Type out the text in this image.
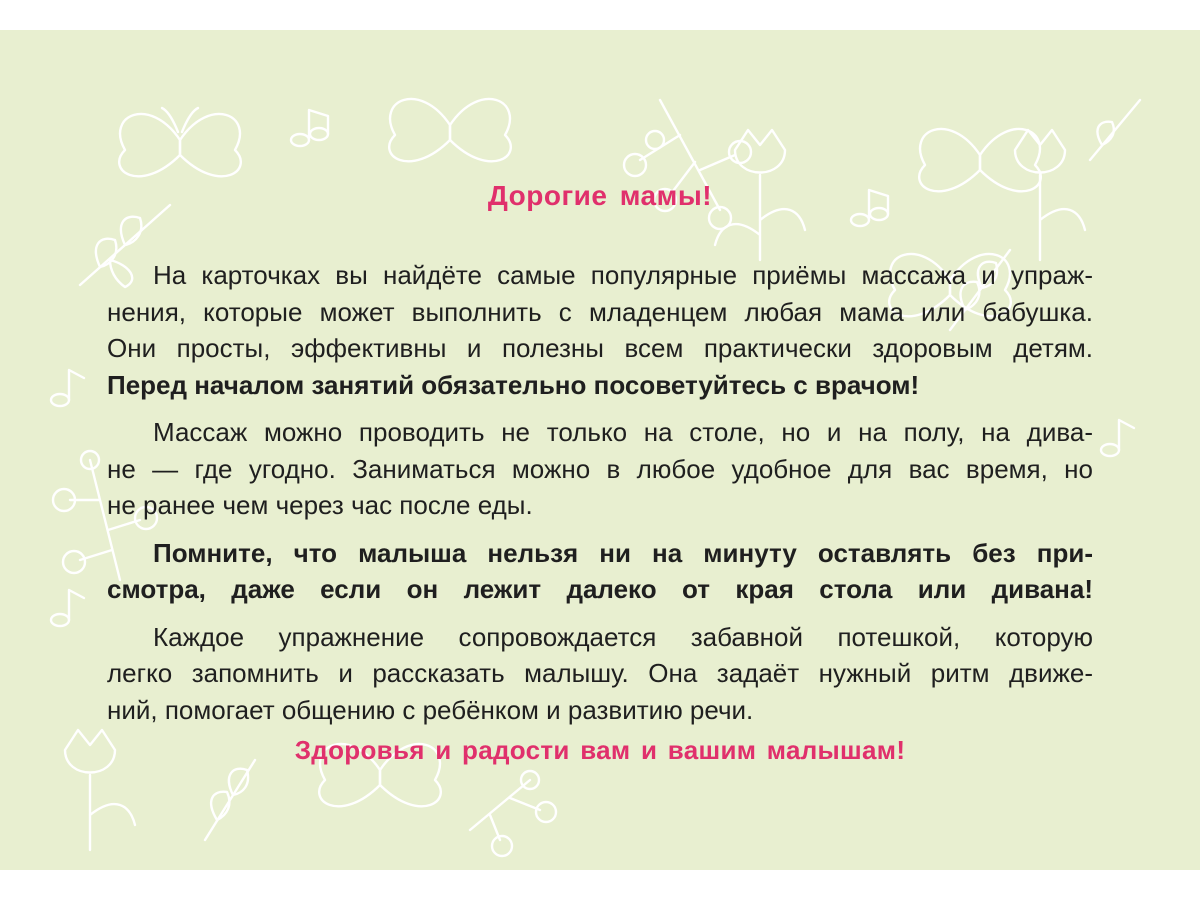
Дорогие мамы!
На карточках вы найдёте самые популярные приёмы массажа и упраж-
нения, которые может выполнить с младенцем любая мама или бабушка.
Они просты, эффективны и полезны всем практически здоровым детям.
Перед началом занятий обязательно посоветуйтесь с врачом!
Массаж можно проводить не только на столе, но и на полу, на дива-
не — где угодно. Заниматься можно в любое удобное для вас время, но
не ранее чем через час после еды.
Помните, что малыша нельзя ни на минуту оставлять без при-
смотра, даже если он лежит далеко от края стола или дивана!
Каждое упражнение сопровождается забавной потешкой, которую
легко запомнить и рассказать малышу. Она задаёт нужный ритм движе-
ний, помогает общению с ребёнком и развитию речи.

Здоровья и радости вам и вашим малышам!
